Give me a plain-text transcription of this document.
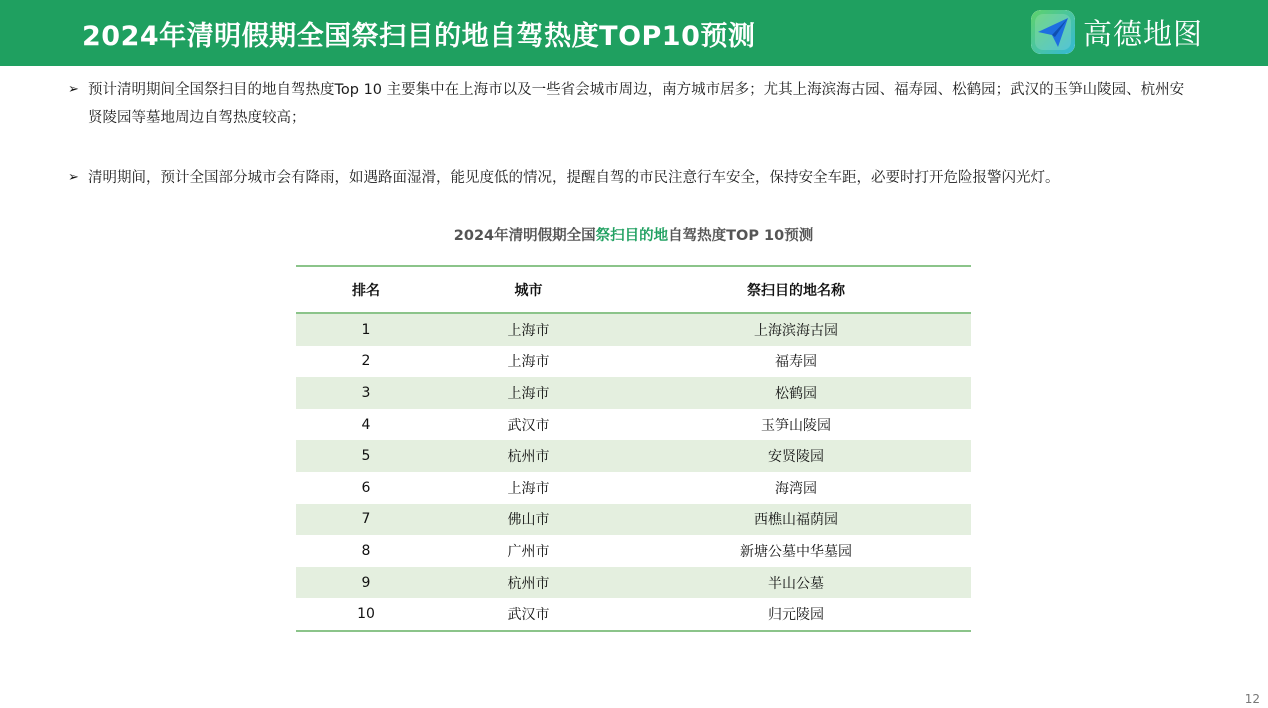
2024年清明假期全国祭扫目的地自驾热度TOP10预测	高德地图
➢ 预计清明期间全国祭扫目的地自驾热度Top 10 主要集中在上海市以及一些省会城市周边，南方城市居多；尤其上海滨海古园、福寿园、松鹤园；武汉的玉笋山陵园、杭州安贤陵园等墓地周边自驾热度较高；
➢ 清明期间，预计全国部分城市会有降雨，如遇路面湿滑，能见度低的情况，提醒自驾的市民注意行车安全，保持安全车距，必要时打开危险报警闪光灯。
2024年清明假期全国祭扫目的地自驾热度TOP 10预测
排名	城市	祭扫目的地名称
1	上海市	上海滨海古园
2	上海市	福寿园
3	上海市	松鹤园
4	武汉市	玉笋山陵园
5	杭州市	安贤陵园
6	上海市	海湾园
7	佛山市	西樵山福荫园
8	广州市	新塘公墓中华墓园
9	杭州市	半山公墓
10	武汉市	归元陵园
12
